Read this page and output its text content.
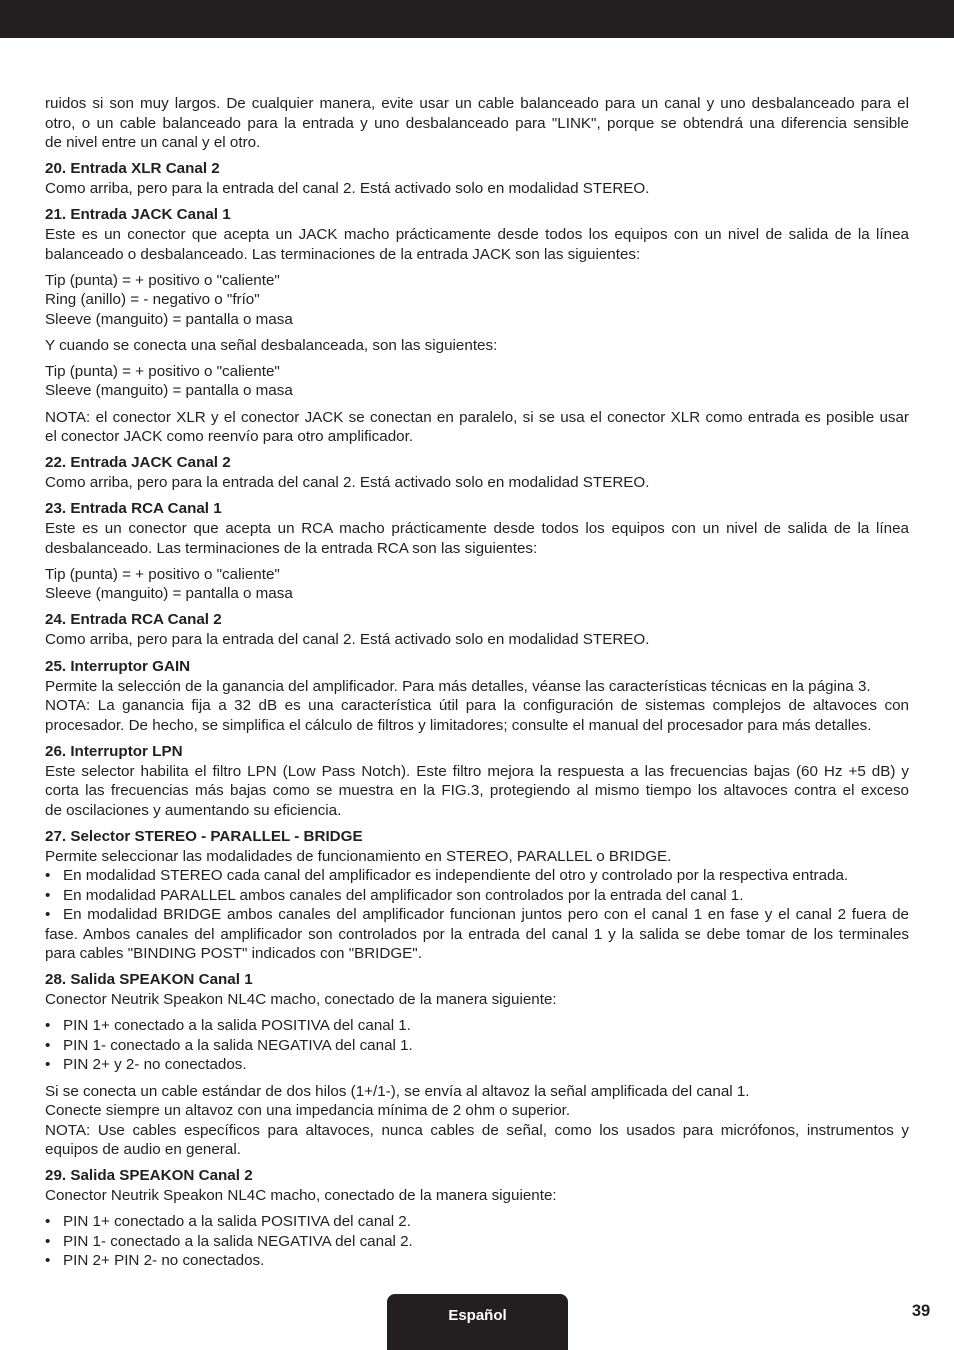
ruidos si son muy largos. De cualquier manera, evite usar un cable balanceado para un canal y uno desbalanceado para el
otro, o un cable balanceado para la entrada y uno desbalanceado para "LINK", porque se obtendrá una diferencia sensible
de nivel entre un canal y el otro.
20. Entrada XLR Canal 2
Como arriba, pero para la entrada del canal 2. Está activado solo en modalidad STEREO.
21. Entrada JACK Canal 1
Este es un conector que acepta un JACK macho prácticamente desde todos los equipos con un nivel de salida de la línea
balanceado o desbalanceado. Las terminaciones de la entrada JACK son las siguientes:
Tip (punta) = + positivo o "caliente"
Ring (anillo) = - negativo o "frío"
Sleeve (manguito) = pantalla o masa
Y cuando se conecta una señal desbalanceada, son las siguientes:
Tip (punta) = + positivo o "caliente"
Sleeve (manguito) = pantalla o masa
NOTA: el conector XLR y el conector JACK se conectan en paralelo, si se usa el conector XLR como entrada es posible usar
el conector JACK como reenvío para otro amplificador.
22. Entrada JACK Canal 2
Como arriba, pero para la entrada del canal 2. Está activado solo en modalidad STEREO.
23. Entrada RCA Canal 1
Este es un conector que acepta un RCA macho prácticamente desde todos los equipos con un nivel de salida de la línea
desbalanceado. Las terminaciones de la entrada RCA son las siguientes:
Tip (punta) = + positivo o "caliente"
Sleeve (manguito) = pantalla o masa
24. Entrada RCA Canal 2
Como arriba, pero para la entrada del canal 2. Está activado solo en modalidad STEREO.
25. Interruptor GAIN
Permite la selección de la ganancia del amplificador. Para más detalles, véanse las características técnicas en la página 3.
NOTA: La ganancia fija a 32 dB es una característica útil para la configuración de sistemas complejos de altavoces con
procesador. De hecho, se simplifica el cálculo de filtros y limitadores; consulte el manual del procesador para más detalles.
26. Interruptor LPN
Este selector habilita el filtro LPN (Low Pass Notch). Este filtro mejora la respuesta a las frecuencias bajas (60 Hz +5 dB) y
corta las frecuencias más bajas como se muestra en la FIG.3, protegiendo al mismo tiempo los altavoces contra el exceso
de oscilaciones y aumentando su eficiencia.
27. Selector STEREO - PARALLEL - BRIDGE
Permite seleccionar las modalidades de funcionamiento en STEREO, PARALLEL o BRIDGE.
• En modalidad STEREO cada canal del amplificador es independiente del otro y controlado por la respectiva entrada.
• En modalidad PARALLEL ambos canales del amplificador son controlados por la entrada del canal 1.
• En modalidad BRIDGE ambos canales del amplificador funcionan juntos pero con el canal 1 en fase y el canal 2 fuera de
fase. Ambos canales del amplificador son controlados por la entrada del canal 1 y la salida se debe tomar de los terminales
para cables "BINDING POST" indicados con "BRIDGE".
28. Salida SPEAKON Canal 1
Conector Neutrik Speakon NL4C macho, conectado de la manera siguiente:
• PIN 1+ conectado a la salida POSITIVA del canal 1.
• PIN 1- conectado a la salida NEGATIVA del canal 1.
• PIN 2+ y 2- no conectados.
Si se conecta un cable estándar de dos hilos (1+/1-), se envía al altavoz la señal amplificada del canal 1.
Conecte siempre un altavoz con una impedancia mínima de 2 ohm o superior.
NOTA: Use cables específicos para altavoces, nunca cables de señal, como los usados para micrófonos, instrumentos y
equipos de audio en general.
29. Salida SPEAKON Canal 2
Conector Neutrik Speakon NL4C macho, conectado de la manera siguiente:
• PIN 1+ conectado a la salida POSITIVA del canal 2.
• PIN 1- conectado a la salida NEGATIVA del canal 2.
• PIN 2+ PIN 2- no conectados.
Español	39
